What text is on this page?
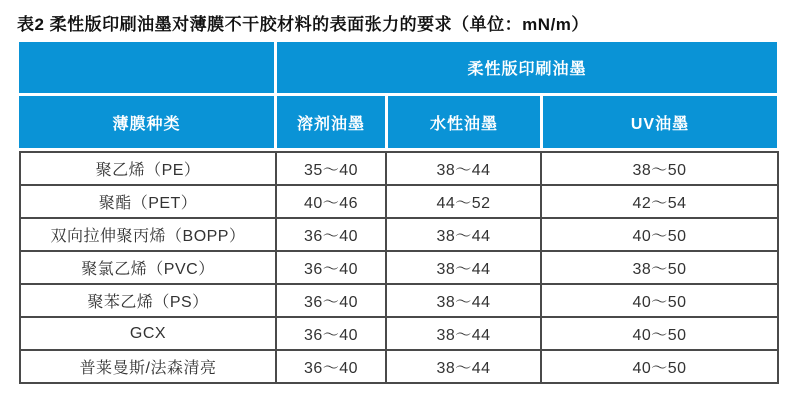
表2 柔性版印刷油墨对薄膜不干胶材料的表面张力的要求（单位：mN/m）
柔性版印刷油墨
薄膜种类	溶剂油墨	水性油墨	UV油墨
聚乙烯（PE）	35～40	38～44	38～50
聚酯（PET）	40～46	44～52	42～54
双向拉伸聚丙烯（BOPP）	36～40	38～44	40～50
聚氯乙烯（PVC）	36～40	38～44	38～50
聚苯乙烯（PS）	36～40	38～44	40～50
GCX	36～40	38～44	40～50
普莱曼斯/法森清亮	36～40	38～44	40～50
